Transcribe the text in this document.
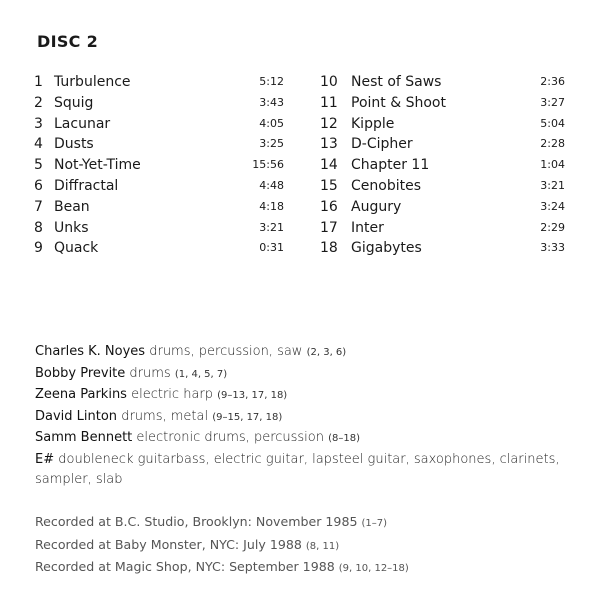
DISC 2
1 Turbulence	5:12
2 Squig	3:43
3 Lacunar	4:05
4 Dusts	3:25
5 Not-Yet-Time	15:56
6 Diffractal	4:48
7 Bean	4:18
8 Unks	3:21
9 Quack	0:31
10 Nest of Saws	2:36
11 Point & Shoot	3:27
12 Kipple	5:04
13 D-Cipher	2:28
14 Chapter 11	1:04
15 Cenobites	3:21
16 Augury	3:24
17 Inter	2:29
18 Gigabytes	3:33
Charles K. Noyes drums, percussion, saw (2, 3, 6)
Bobby Previte drums (1, 4, 5, 7)
Zeena Parkins electric harp (9–13, 17, 18)
David Linton drums, metal (9–15, 17, 18)
Samm Bennett electronic drums, percussion (8–18)
E# doubleneck guitarbass, electric guitar, lapsteel guitar, saxophones, clarinets, sampler, slab
Recorded at B.C. Studio, Brooklyn: November 1985 (1–7)
Recorded at Baby Monster, NYC: July 1988 (8, 11)
Recorded at Magic Shop, NYC: September 1988 (9, 10, 12–18)
